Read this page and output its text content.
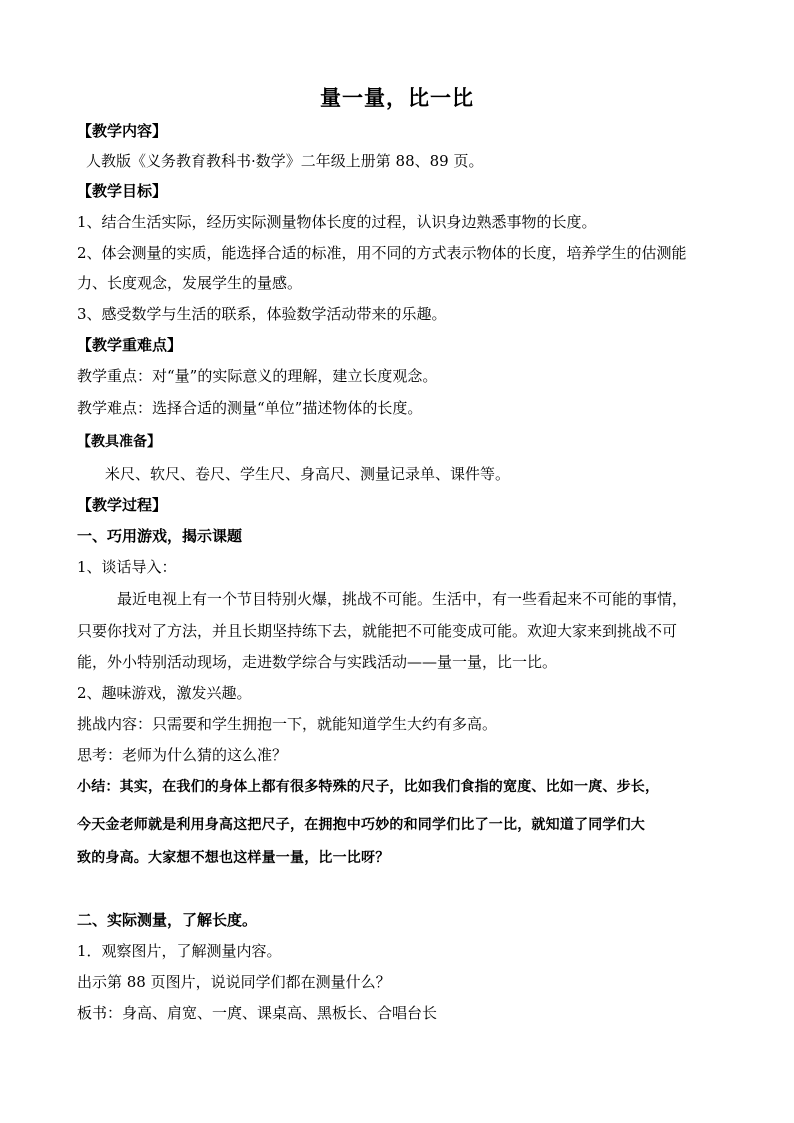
量一量，比一比
【教学内容】
人教版《义务教育教科书·数学》二年级上册第 88、89 页。
【教学目标】
1、结合生活实际，经历实际测量物体长度的过程，认识身边熟悉事物的长度。
2、体会测量的实质，能选择合适的标准，用不同的方式表示物体的长度，培养学生的估测能
力、长度观念，发展学生的量感。
3、感受数学与生活的联系，体验数学活动带来的乐趣。
【教学重难点】
教学重点：对“量”的实际意义的理解，建立长度观念。
教学难点：选择合适的测量“单位”描述物体的长度。
【教具准备】
米尺、软尺、卷尺、学生尺、身高尺、测量记录单、课件等。
【教学过程】
一、巧用游戏，揭示课题
1、谈话导入：
最近电视上有一个节目特别火爆，挑战不可能。生活中，有一些看起来不可能的事情，
只要你找对了方法，并且长期坚持练下去，就能把不可能变成可能。欢迎大家来到挑战不可
能，外小特别活动现场，走进数学综合与实践活动——量一量，比一比。
2、趣味游戏，激发兴趣。
挑战内容：只需要和学生拥抱一下，就能知道学生大约有多高。
思考：老师为什么猜的这么准？
小结：其实，在我们的身体上都有很多特殊的尺子，比如我们食指的宽度、比如一庹、步长，
今天金老师就是利用身高这把尺子，在拥抱中巧妙的和同学们比了一比，就知道了同学们大
致的身高。大家想不想也这样量一量，比一比呀？
二、实际测量，了解长度。
1．观察图片，了解测量内容。
出示第 88 页图片，说说同学们都在测量什么？
板书：身高、肩宽、一庹、课桌高、黑板长、合唱台长
